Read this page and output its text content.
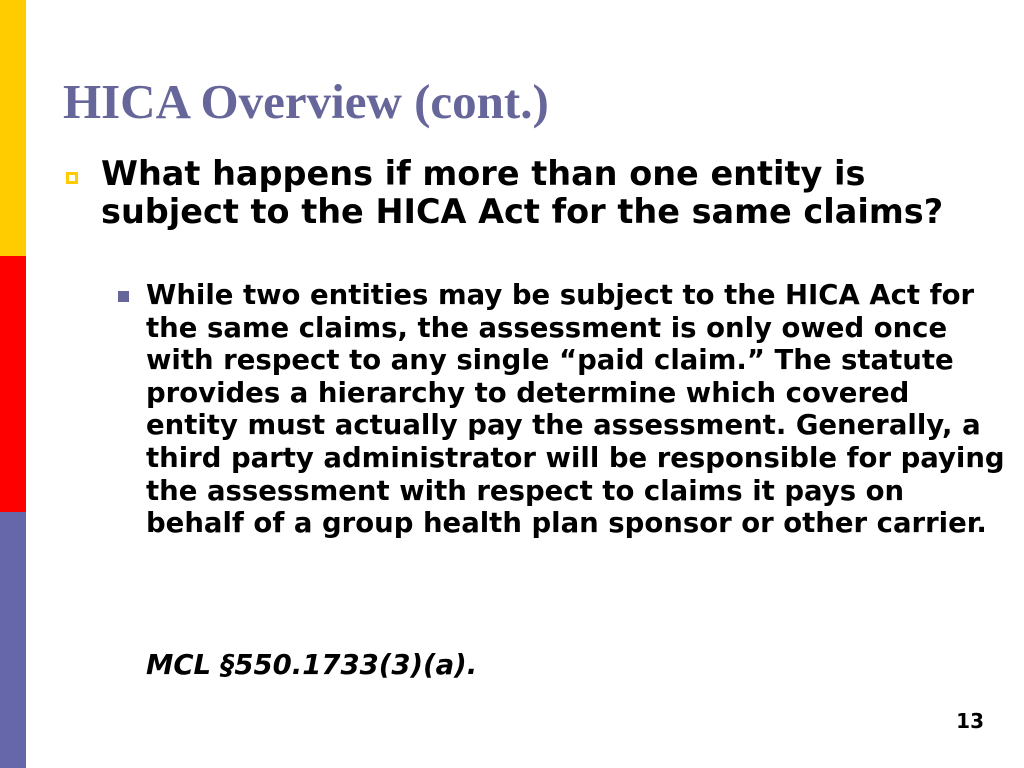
HICA Overview (cont.)

What happens if more than one entity is subject to the HICA Act for the same claims?

While two entities may be subject to the HICA Act for the same claims, the assessment is only owed once with respect to any single “paid claim.” The statute provides a hierarchy to determine which covered entity must actually pay the assessment. Generally, a third party administrator will be responsible for paying the assessment with respect to claims it pays on behalf of a group health plan sponsor or other carrier.

MCL §550.1733(3)(a).

13
